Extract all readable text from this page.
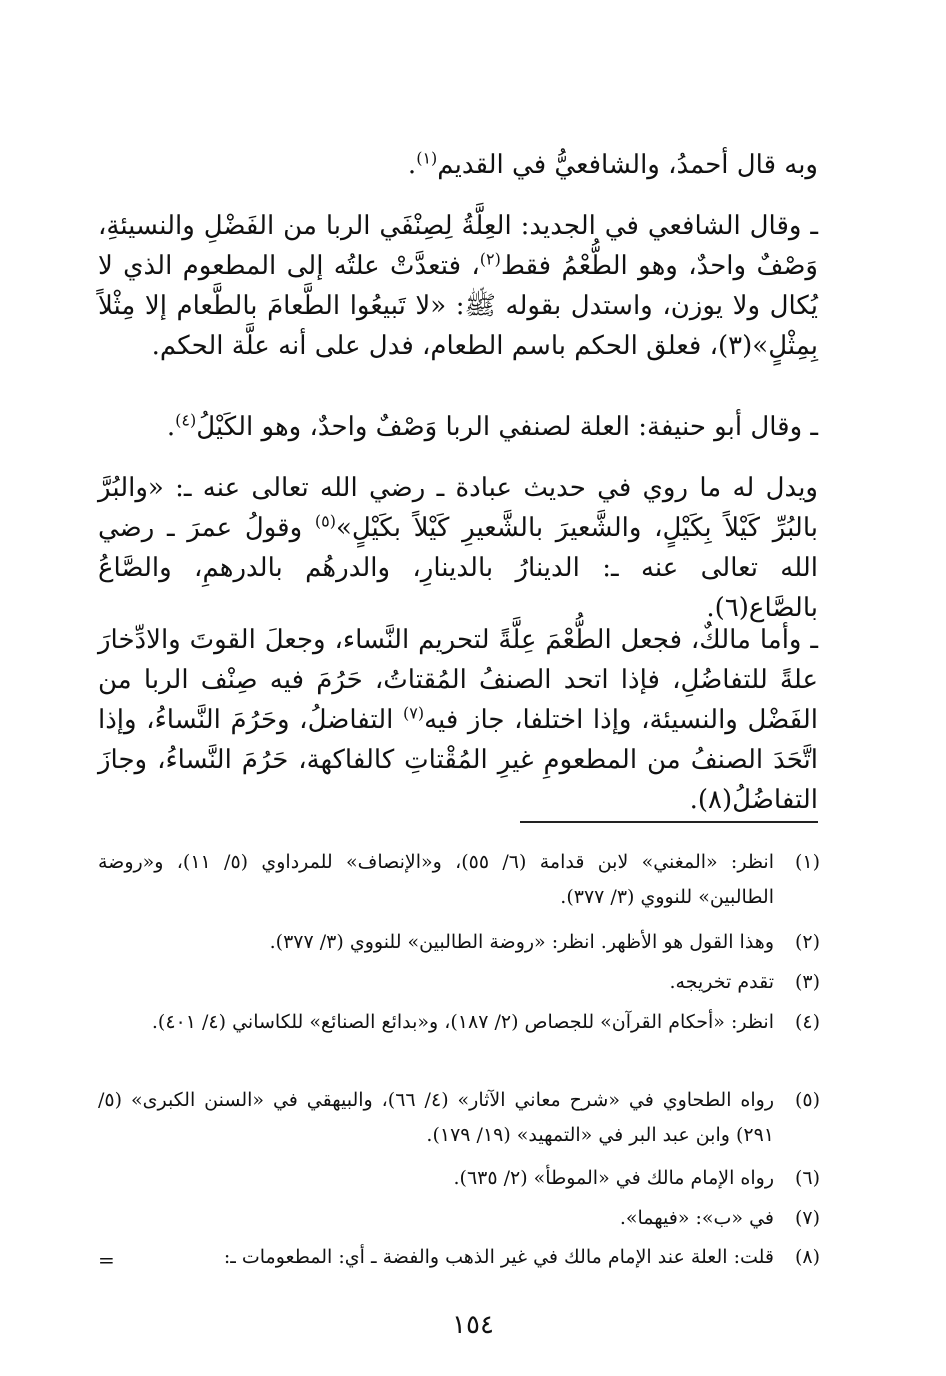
وبه قال أحمدُ، والشافعيُّ في القديم$^{(١)}$.

ـ وقال الشافعي في الجديد: العِلَّةُ لِصِنْفَي الربا من الفَضْلِ والنسيئةِ، وَصْفٌ واحدٌ، وهو الطُّعْمُ فقط$^{(٢)}$، فتعدَّتْ علتُه إلى المطعوم الذي لا يُكال ولا يوزن، واستدل بقوله ﷺ: «لا تَبيعُوا الطَّعامَ بالطَّعام إلا مِثْلاً بِمِثْلٍ»(٣)، فعلق الحكم باسم الطعام، فدل على أنه علَّة الحكم.

ـ وقال أبو حنيفة: العلة لصنفي الربا وَصْفٌ واحدٌ، وهو الكَيْلُ$^{(٤)}$.

ويدل له ما روي في حديث عبادة ـ رضي الله تعالى عنه ـ: «والبُرَّ بالبُرِّ كَيْلاً بِكَيْلٍ، والشَّعيرَ بالشَّعيرِ كَيْلاً بكَيْلٍ»$^{(٥)}$ وقولُ عمرَ ـ رضي الله تعالى عنه ـ: الدينارُ بالدينارِ، والدرهُم بالدرهمِ، والصَّاعُ بالصَّاع(٦).

ـ وأما مالكٌ، فجعل الطُّعْمَ عِلَّةً لتحريم النَّساء، وجعلَ القوتَ والادِّخارَ علةً للتفاضُلِ، فإذا اتحد الصنفُ المُقتاتُ، حَرُمَ فيه صِنْف الربا من الفَضْل والنسيئة، وإذا اختلفا، جاز فيه$^{(٧)}$ التفاضلُ، وحَرُمَ النَّساءُ، وإذا اتَّحَدَ الصنفُ من المطعومِ غيرِ المُقْتاتِ كالفاكهة، حَرُمَ النَّساءُ، وجازَ التفاضُلُ(٨).

(١)
انظر: «المغني» لابن قدامة (٦/ ٥٥)، و«الإنصاف» للمرداوي (٥/ ١١)، و«روضة الطالبين» للنووي (٣/ ٣٧٧).

(٢)
وهذا القول هو الأظهر. انظر: «روضة الطالبين» للنووي (٣/ ٣٧٧).

(٣)
تقدم تخريجه.

(٤)
انظر: «أحكام القرآن» للجصاص (٢/ ١٨٧)، و«بدائع الصنائع» للكاساني (٤/ ٤٠١).

(٥)
رواه الطحاوي في «شرح معاني الآثار» (٤/ ٦٦)، والبيهقي في «السنن الكبرى» (٥/ ٢٩١) وابن عبد البر في «التمهيد» (١٩/ ١٧٩).

(٦)
رواه الإمام مالك في «الموطأ» (٢/ ٦٣٥).

(٧)
في «ب»: «فيهما».

(٨)
قلت: العلة عند الإمام مالك في غير الذهب والفضة ـ أي: المطعومات ـ:

=
١٥٤
